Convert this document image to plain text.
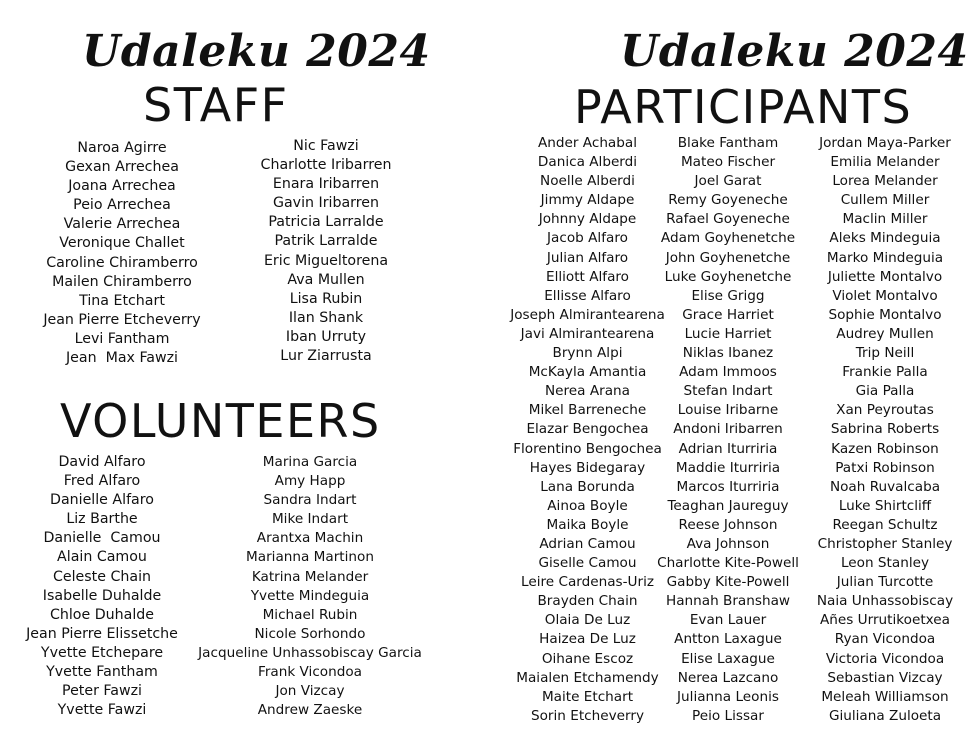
Udaleku 2024
STAFF
Naroa Agirre
Gexan Arrechea
Joana Arrechea
Peio Arrechea
Valerie Arrechea
Veronique Challet
Caroline Chiramberro
Mailen Chiramberro
Tina Etchart
Jean Pierre Etcheverry
Levi Fantham
Jean  Max Fawzi
Nic Fawzi
Charlotte Iribarren
Enara Iribarren
Gavin Iribarren
Patricia Larralde
Patrik Larralde
Eric Migueltorena
Ava Mullen
Lisa Rubin
Ilan Shank
Iban Urruty
Lur Ziarrusta
VOLUNTEERS
David Alfaro
Fred Alfaro
Danielle Alfaro
Liz Barthe
Danielle  Camou
Alain Camou
Celeste Chain
Isabelle Duhalde
Chloe Duhalde
Jean Pierre Elissetche
Yvette Etchepare
Yvette Fantham
Peter Fawzi
Yvette Fawzi
Marina Garcia
Amy Happ
Sandra Indart
Mike Indart
Arantxa Machin
Marianna Martinon
Katrina Melander
Yvette Mindeguia
Michael Rubin
Nicole Sorhondo
Jacqueline Unhassobiscay Garcia
Frank Vicondoa
Jon Vizcay
Andrew Zaeske
Udaleku 2024
PARTICIPANTS
Ander Achabal
Danica Alberdi
Noelle Alberdi
Jimmy Aldape
Johnny Aldape
Jacob Alfaro
Julian Alfaro
Elliott Alfaro
Ellisse Alfaro
Joseph Almirantearena
Javi Almirantearena
Brynn Alpi
McKayla Amantia
Nerea Arana
Mikel Barreneche
Elazar Bengochea
Florentino Bengochea
Hayes Bidegaray
Lana Borunda
Ainoa Boyle
Maika Boyle
Adrian Camou
Giselle Camou
Leire Cardenas-Uriz
Brayden Chain
Olaia De Luz
Haizea De Luz
Oihane Escoz
Maialen Etchamendy
Maite Etchart
Sorin Etcheverry
Blake Fantham
Mateo Fischer
Joel Garat
Remy Goyeneche
Rafael Goyeneche
Adam Goyhenetche
John Goyhenetche
Luke Goyhenetche
Elise Grigg
Grace Harriet
Lucie Harriet
Niklas Ibanez
Adam Immoos
Stefan Indart
Louise Iribarne
Andoni Iribarren
Adrian Iturriria
Maddie Iturriria
Marcos Iturriria
Teaghan Jaureguy
Reese Johnson
Ava Johnson
Charlotte Kite-Powell
Gabby Kite-Powell
Hannah Branshaw
Evan Lauer
Antton Laxague
Elise Laxague
Nerea Lazcano
Julianna Leonis
Peio Lissar
Jordan Maya-Parker
Emilia Melander
Lorea Melander
Cullem Miller
Maclin Miller
Aleks Mindeguia
Marko Mindeguia
Juliette Montalvo
Violet Montalvo
Sophie Montalvo
Audrey Mullen
Trip Neill
Frankie Palla
Gia Palla
Xan Peyroutas
Sabrina Roberts
Kazen Robinson
Patxi Robinson
Noah Ruvalcaba
Luke Shirtcliff
Reegan Schultz
Christopher Stanley
Leon Stanley
Julian Turcotte
Naia Unhassobiscay
Añes Urrutikoetxea
Ryan Vicondoa
Victoria Vicondoa
Sebastian Vizcay
Meleah Williamson
Giuliana Zuloeta
